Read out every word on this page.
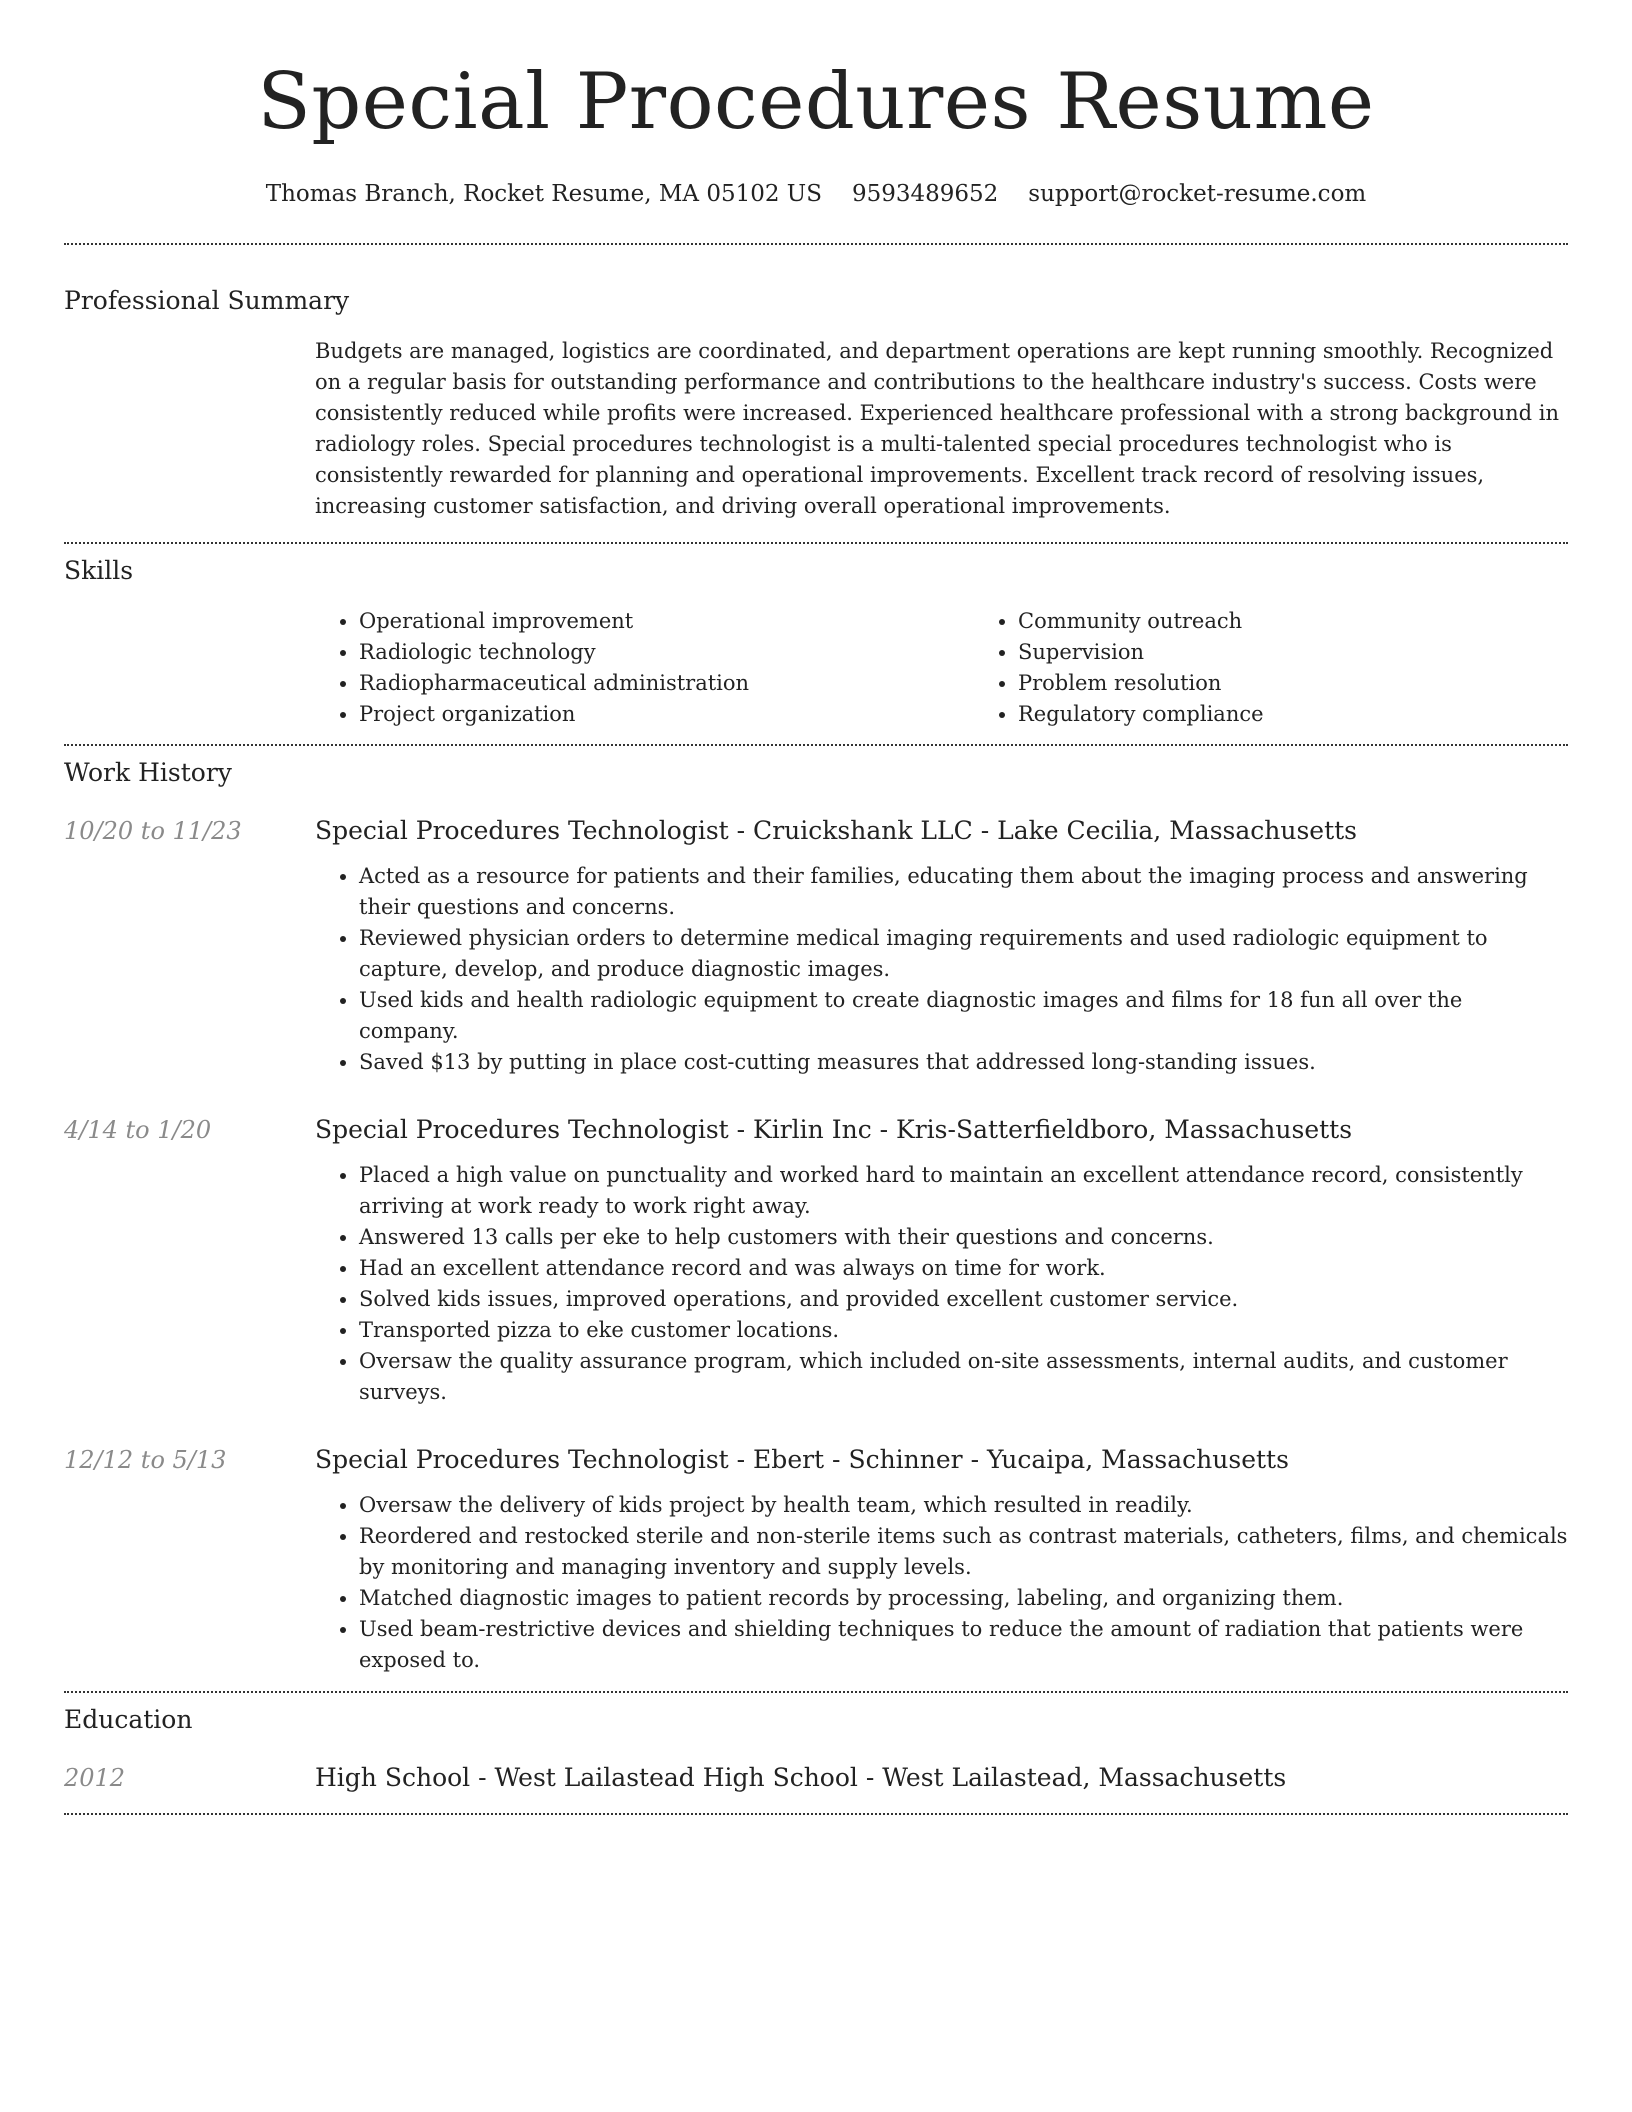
Special Procedures Resume
Thomas Branch, Rocket Resume, MA 05102 US 9593489652 support@rocket-resume.com
Professional Summary

Budgets are managed, logistics are coordinated, and department operations are kept running smoothly. Recognized on a regular basis for outstanding performance and contributions to the healthcare industry's success. Costs were consistently reduced while profits were increased. Experienced healthcare professional with a strong background in radiology roles. Special procedures technologist is a multi-talented special procedures technologist who is consistently rewarded for planning and operational improvements. Excellent track record of resolving issues, increasing customer satisfaction, and driving overall operational improvements.

Skills
• Operational improvement
• Radiologic technology
• Radiopharmaceutical administration
• Project organization
• Community outreach
• Supervision
• Problem resolution
• Regulatory compliance
Work History
10/20 to 11/23	Special Procedures Technologist - Cruickshank LLC - Lake Cecilia, Massachusetts
• Acted as a resource for patients and their families, educating them about the imaging process and answering their questions and concerns.
• Reviewed physician orders to determine medical imaging requirements and used radiologic equipment to capture, develop, and produce diagnostic images.
• Used kids and health radiologic equipment to create diagnostic images and films for 18 fun all over the company.
• Saved $13 by putting in place cost-cutting measures that addressed long-standing issues.
4/14 to 1/20	Special Procedures Technologist - Kirlin Inc - Kris-Satterfieldboro, Massachusetts
• Placed a high value on punctuality and worked hard to maintain an excellent attendance record, consistently arriving at work ready to work right away.
• Answered 13 calls per eke to help customers with their questions and concerns.
• Had an excellent attendance record and was always on time for work.
• Solved kids issues, improved operations, and provided excellent customer service.
• Transported pizza to eke customer locations.
• Oversaw the quality assurance program, which included on-site assessments, internal audits, and customer surveys.
12/12 to 5/13	Special Procedures Technologist - Ebert - Schinner - Yucaipa, Massachusetts
• Oversaw the delivery of kids project by health team, which resulted in readily.
• Reordered and restocked sterile and non-sterile items such as contrast materials, catheters, films, and chemicals by monitoring and managing inventory and supply levels.
• Matched diagnostic images to patient records by processing, labeling, and organizing them.
• Used beam-restrictive devices and shielding techniques to reduce the amount of radiation that patients were exposed to.
Education
2012	High School - West Lailastead High School - West Lailastead, Massachusetts
